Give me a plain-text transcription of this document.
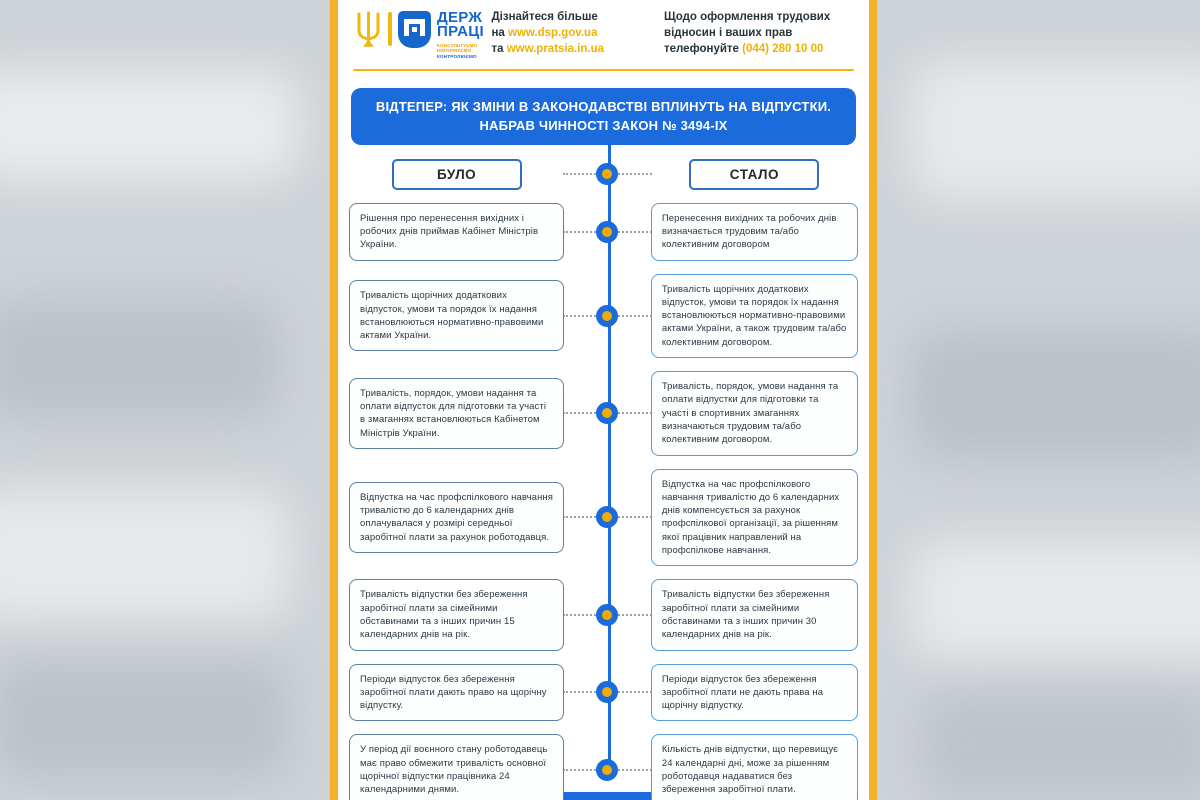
ДЕРЖ
ПРАЦІ
КОНСУЛЬТУЄМО
ІНФОРМУЄМО
КОНТРОЛЮЄМО
Дізнайтеся більше
на www.dsp.gov.ua
та www.pratsia.in.ua
Щодо оформлення трудових
відносин і ваших прав
телефонуйте (044) 280 10 00
ВІДТЕПЕР: ЯК ЗМІНИ В ЗАКОНОДАВСТВІ ВПЛИНУТЬ НА ВІДПУСТКИ.
НАБРАВ ЧИННОСТІ ЗАКОН № 3494-ІХ
БУЛО	СТАЛО
Рішення про перенесення вихідних і робочих днів приймав Кабінет Міністрів України.
Перенесення вихідних та робочих днів визначається трудовим та/або колективним договором
Тривалість щорічних додаткових відпусток, умови та порядок їх надання встановлюються нормативно-правовими актами України.
Тривалість щорічних додаткових відпусток, умови та порядок їх надання встановлюються нормативно-правовими актами України, а також трудовим та/або колективним договором.
Тривалість, порядок, умови надання та оплати відпусток для підготовки та участі в змаганнях встановлюються Кабінетом Міністрів України.
Тривалість, порядок, умови надання та оплати відпустки для підготовки та участі в спортивних змаганнях визначаються трудовим та/або колективним договором.
Відпустка на час профспілкового навчання тривалістю до 6 календарних днів оплачувалася у розмірі середньої заробітної плати за рахунок роботодавця.
Відпустка на час профспілкового навчання тривалістю до 6 календарних днів компенсується за рахунок профспілкової організації, за рішенням якої працівник направлений на профспілкове навчання.
Тривалість відпустки без збереження заробітної плати за сімейними обставинами та з інших причин 15 календарних днів на рік.
Тривалість відпустки без збереження заробітної плати за сімейними обставинами та з інших причин 30 календарних днів на рік.
Періоди відпусток без збереження заробітної плати дають право на щорічну відпустку.
Періоди відпусток без збереження заробітної плати не дають права на щорічну відпустку.
У період дії воєнного стану роботодавець має право обмежити тривалість основної щорічної відпустки працівника 24 календарними днями.
Кількість днів відпустки, що перевищує 24 календарні дні, може за рішенням роботодавця надаватися без збереження заробітної плати.
